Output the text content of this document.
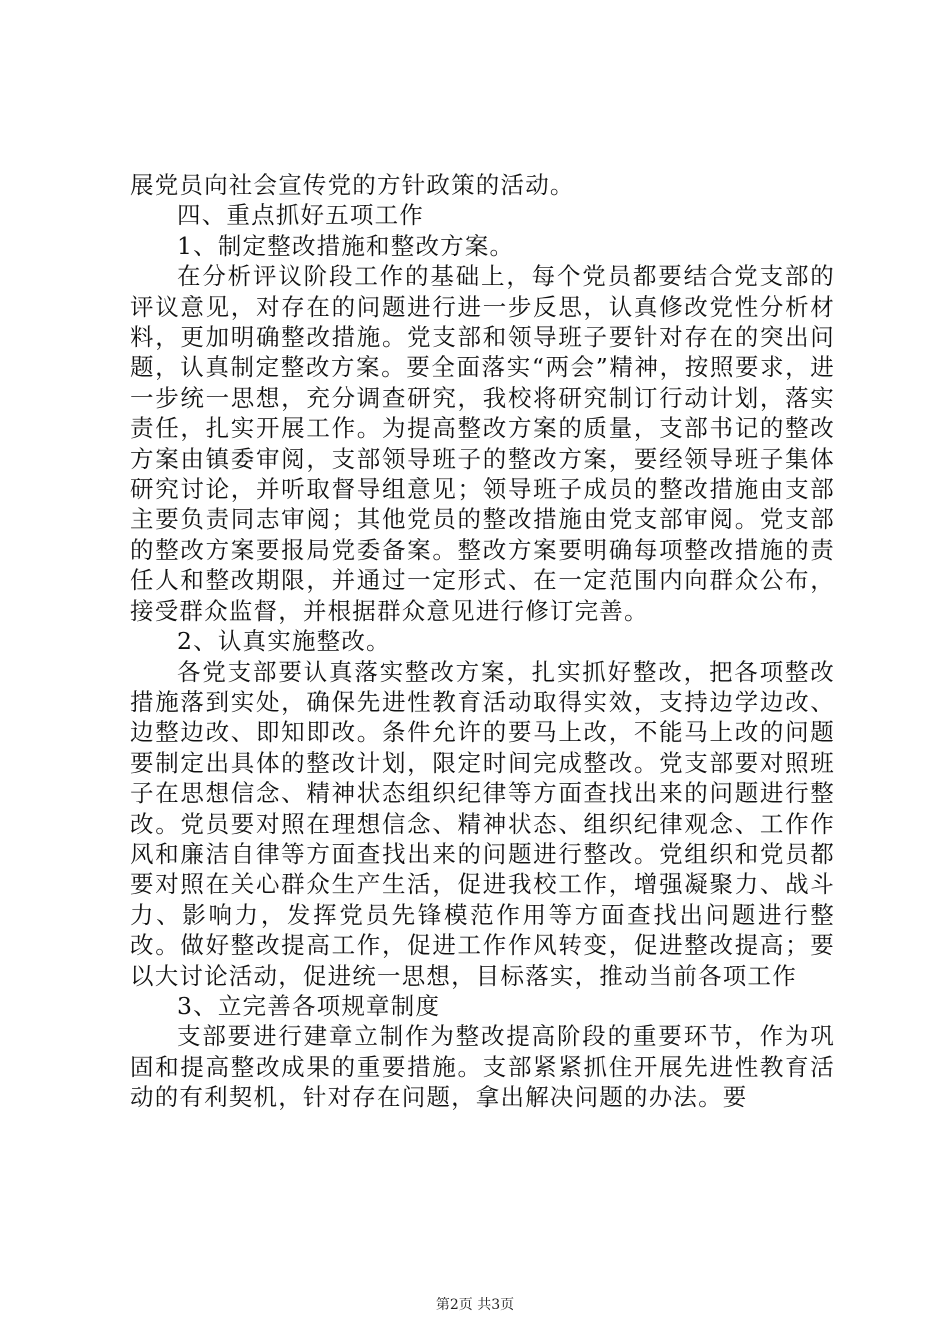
展党员向社会宣传党的方针政策的活动。

四、重点抓好五项工作

1、制定整改措施和整改方案。

在分析评议阶段工作的基础上，每个党员都要结合党支部的评议意见，对存在的问题进行进一步反思，认真修改党性分析材料，更加明确整改措施。党支部和领导班子要针对存在的突出问题，认真制定整改方案。要全面落实“两会”精神，按照要求，进一步统一思想，充分调查研究，我校将研究制订行动计划，落实责任，扎实开展工作。为提高整改方案的质量，支部书记的整改方案由镇委审阅，支部领导班子的整改方案，要经领导班子集体研究讨论，并听取督导组意见；领导班子成员的整改措施由支部主要负责同志审阅；其他党员的整改措施由党支部审阅。党支部的整改方案要报局党委备案。整改方案要明确每项整改措施的责任人和整改期限，并通过一定形式、在一定范围内向群众公布，接受群众监督，并根据群众意见进行修订完善。

2、认真实施整改。

各党支部要认真落实整改方案，扎实抓好整改，把各项整改措施落到实处，确保先进性教育活动取得实效，支持边学边改、边整边改、即知即改。条件允许的要马上改，不能马上改的问题要制定出具体的整改计划，限定时间完成整改。党支部要对照班子在思想信念、精神状态组织纪律等方面查找出来的问题进行整改。党员要对照在理想信念、精神状态、组织纪律观念、工作作风和廉洁自律等方面查找出来的问题进行整改。党组织和党员都要对照在关心群众生产生活，促进我校工作，增强凝聚力、战斗力、影响力，发挥党员先锋模范作用等方面查找出问题进行整改。做好整改提高工作，促进工作作风转变，促进整改提高；要以大讨论活动，促进统一思想，目标落实，推动当前各项工作

3、立完善各项规章制度

支部要进行建章立制作为整改提高阶段的重要环节，作为巩固和提高整改成果的重要措施。支部紧紧抓住开展先进性教育活动的有利契机，针对存在问题，拿出解决问题的办法。要

第2页 共3页
